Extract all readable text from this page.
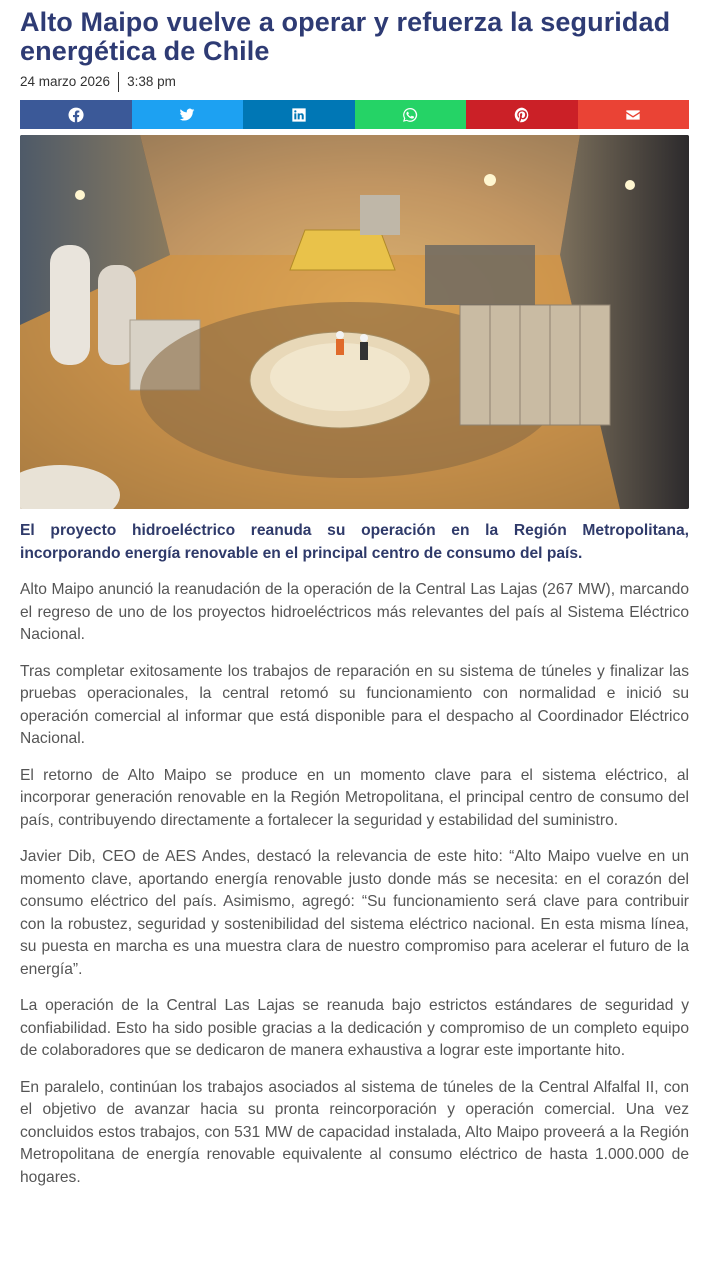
Alto Maipo vuelve a operar y refuerza la seguridad energética de Chile
24 marzo 2026	3:38 pm

El proyecto hidroeléctrico reanuda su operación en la Región Metropolitana, incorporando energía renovable en el principal centro de consumo del país.

Alto Maipo anunció la reanudación de la operación de la Central Las Lajas (267 MW), marcando el regreso de uno de los proyectos hidroeléctricos más relevantes del país al Sistema Eléctrico Nacional.

Tras completar exitosamente los trabajos de reparación en su sistema de túneles y finalizar las pruebas operacionales, la central retomó su funcionamiento con normalidad e inició su operación comercial al informar que está disponible para el despacho al Coordinador Eléctrico Nacional.

El retorno de Alto Maipo se produce en un momento clave para el sistema eléctrico, al incorporar generación renovable en la Región Metropolitana, el principal centro de consumo del país, contribuyendo directamente a fortalecer la seguridad y estabilidad del suministro.

Javier Dib, CEO de AES Andes, destacó la relevancia de este hito: “Alto Maipo vuelve en un momento clave, aportando energía renovable justo donde más se necesita: en el corazón del consumo eléctrico del país. Asimismo, agregó: “Su funcionamiento será clave para contribuir con la robustez, seguridad y sostenibilidad del sistema eléctrico nacional. En esta misma línea, su puesta en marcha es una muestra clara de nuestro compromiso para acelerar el futuro de la energía”.

La operación de la Central Las Lajas se reanuda bajo estrictos estándares de seguridad y confiabilidad. Esto ha sido posible gracias a la dedicación y compromiso de un completo equipo de colaboradores que se dedicaron de manera exhaustiva a lograr este importante hito.

En paralelo, continúan los trabajos asociados al sistema de túneles de la Central Alfalfal II, con el objetivo de avanzar hacia su pronta reincorporación y operación comercial. Una vez concluidos estos trabajos, con 531 MW de capacidad instalada, Alto Maipo proveerá a la Región Metropolitana de energía renovable equivalente al consumo eléctrico de hasta 1.000.000 de hogares.
